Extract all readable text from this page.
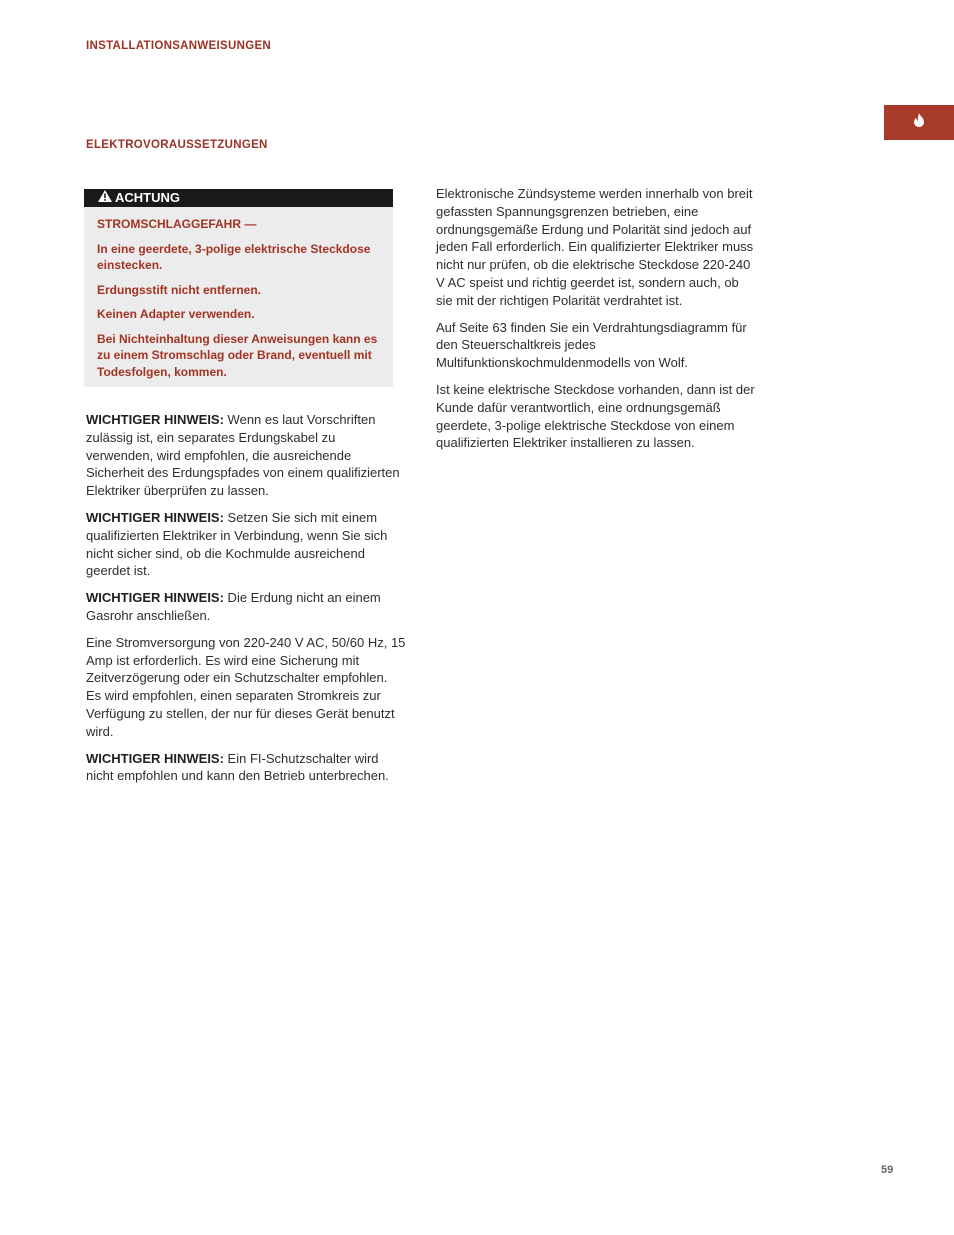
INSTALLATIONSANWEISUNGEN
ELEKTROVORAUSSETZUNGEN
ACHTUNG

STROMSCHLAGGEFAHR —

In eine geerdete, 3-polige elektrische Steckdose einstecken.

Erdungsstift nicht entfernen.

Keinen Adapter verwenden.

Bei Nichteinhaltung dieser Anweisungen kann es zu einem Stromschlag oder Brand, eventuell mit Todesfolgen, kommen.

WICHTIGER HINWEIS: Wenn es laut Vorschriften zulässig ist, ein separates Erdungskabel zu verwenden, wird empfohlen, die ausreichende Sicherheit des Erdungspfades von einem qualifizierten Elektriker überprüfen zu lassen.

WICHTIGER HINWEIS: Setzen Sie sich mit einem qualifizierten Elektriker in Verbindung, wenn Sie sich nicht sicher sind, ob die Kochmulde ausreichend geerdet ist.

WICHTIGER HINWEIS: Die Erdung nicht an einem Gasrohr anschließen.

Eine Stromversorgung von 220-240 V AC, 50/60 Hz, 15 Amp ist erforderlich. Es wird eine Sicherung mit Zeitverzögerung oder ein Schutzschalter empfohlen. Es wird empfohlen, einen separaten Stromkreis zur Verfügung zu stellen, der nur für dieses Gerät benutzt wird.

WICHTIGER HINWEIS: Ein FI-Schutzschalter wird nicht empfohlen und kann den Betrieb unterbrechen.

Elektronische Zündsysteme werden innerhalb von breit gefassten Spannungsgrenzen betrieben, eine ordnungsgemäße Erdung und Polarität sind jedoch auf jeden Fall erforderlich. Ein qualifizierter Elektriker muss nicht nur prüfen, ob die elektrische Steckdose 220-240 V AC speist und richtig geerdet ist, sondern auch, ob sie mit der richtigen Polarität verdrahtet ist.

Auf Seite 63 finden Sie ein Verdrahtungsdiagramm für den Steuerschaltkreis jedes Multifunktionskochmuldenmodells von Wolf.

Ist keine elektrische Steckdose vorhanden, dann ist der Kunde dafür verantwortlich, eine ordnungsgemäß geerdete, 3-polige elektrische Steckdose von einem qualifizierten Elektriker installieren zu lassen.

59
